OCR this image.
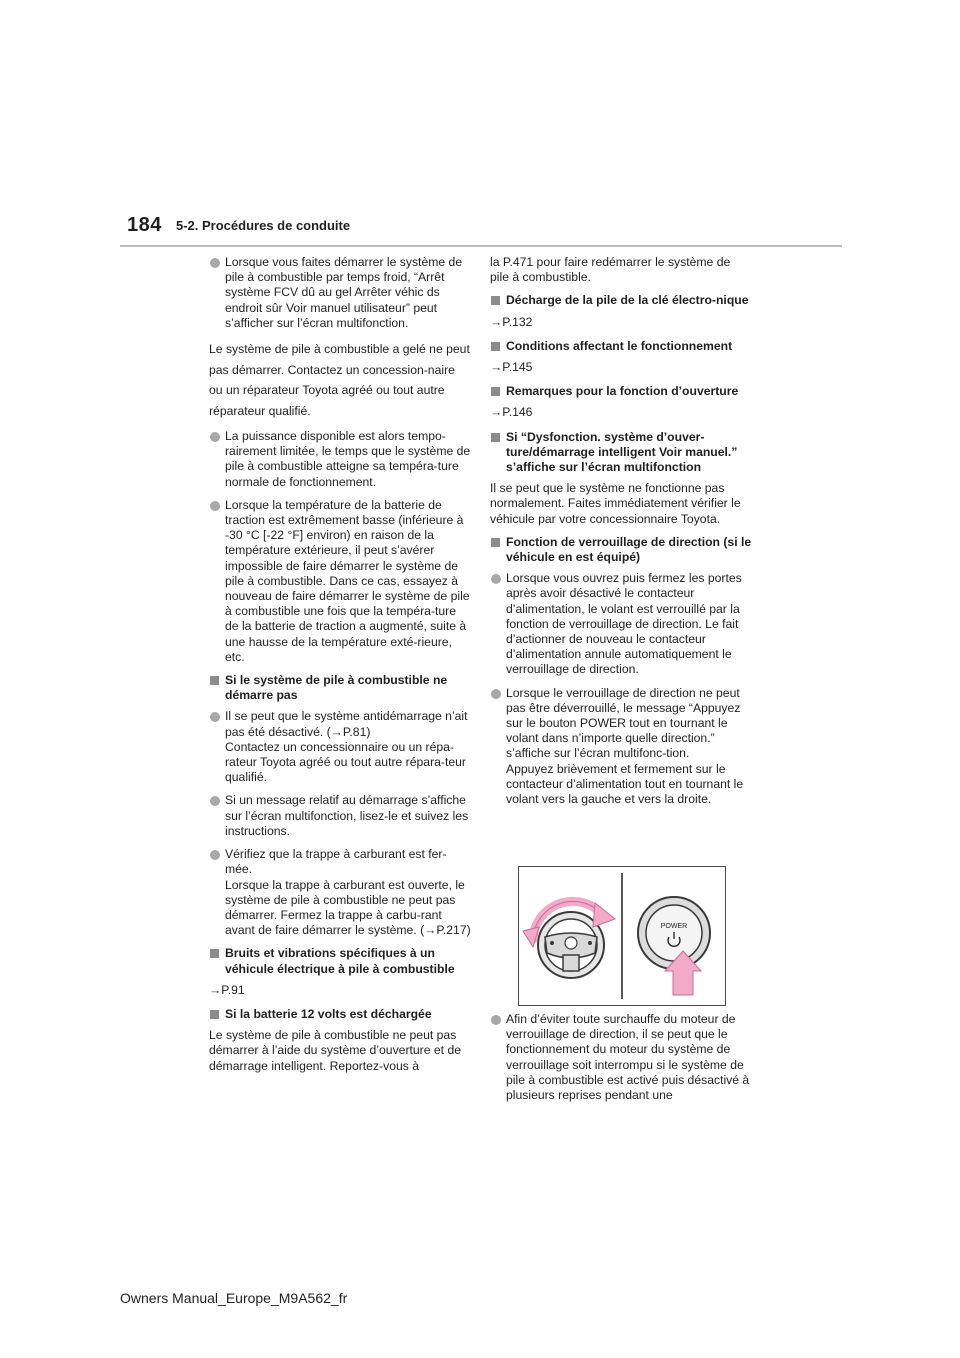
184 5-2. Procédures de conduite
Lorsque vous faites démarrer le système de pile à combustible par temps froid, “Arrêt système FCV dû au gel Arrêter véhic ds endroit sûr Voir manuel utilisateur” peut s’afficher sur l’écran multifonction.
Le système de pile à combustible a gelé ne peut pas démarrer. Contactez un concession-naire ou un réparateur Toyota agréé ou tout autre réparateur qualifié.
La puissance disponible est alors tempo-rairement limitée, le temps que le système de pile à combustible atteigne sa tempéra-ture normale de fonctionnement.
Lorsque la température de la batterie de traction est extrêmement basse (inférieure à -30 °C [-22 °F] environ) en raison de la température extérieure, il peut s’avérer impossible de faire démarrer le système de pile à combustible. Dans ce cas, essayez à nouveau de faire démarrer le système de pile à combustible une fois que la tempéra-ture de la batterie de traction a augmenté, suite à une hausse de la température exté-rieure, etc.
Si le système de pile à combustible ne démarre pas
Il se peut que le système antidémarrage n’ait pas été désactivé. (→P.81)
Contactez un concessionnaire ou un répa-rateur Toyota agréé ou tout autre répara-teur qualifié.
Si un message relatif au démarrage s’affiche sur l’écran multifonction, lisez-le et suivez les instructions.
Vérifiez que la trappe à carburant est fer-mée.
Lorsque la trappe à carburant est ouverte, le système de pile à combustible ne peut pas démarrer. Fermez la trappe à carbu-rant avant de faire démarrer le système. (→P.217)
Bruits et vibrations spécifiques à un véhicule électrique à pile à combustible
→P.91
Si la batterie 12 volts est déchargée
Le système de pile à combustible ne peut pas démarrer à l’aide du système d’ouverture et de démarrage intelligent. Reportez-vous à
la P.471 pour faire redémarrer le système de pile à combustible.
Décharge de la pile de la clé électro-nique
→P.132
Conditions affectant le fonctionnement
→P.145
Remarques pour la fonction d’ouverture
→P.146
Si “Dysfonction. système d’ouver-ture/démarrage intelligent Voir manuel.” s’affiche sur l’écran multifonction
Il se peut que le système ne fonctionne pas normalement. Faites immédiatement vérifier le véhicule par votre concessionnaire Toyota.
Fonction de verrouillage de direction (si le véhicule en est équipé)
Lorsque vous ouvrez puis fermez les portes après avoir désactivé le contacteur d’alimentation, le volant est verrouillé par la fonction de verrouillage de direction. Le fait d’actionner de nouveau le contacteur d’alimentation annule automatiquement le verrouillage de direction.
Lorsque le verrouillage de direction ne peut pas être déverrouillé, le message “Appuyez sur le bouton POWER tout en tournant le volant dans n’importe quelle direction.” s’affiche sur l’écran multifonc-tion.
Appuyez brièvement et fermement sur le contacteur d’alimentation tout en tournant le volant vers la gauche et vers la droite.
POWER
Afin d’éviter toute surchauffe du moteur de verrouillage de direction, il se peut que le fonctionnement du moteur du système de verrouillage soit interrompu si le système de pile à combustible est activé puis désactivé à plusieurs reprises pendant une
Owners Manual_Europe_M9A562_fr
